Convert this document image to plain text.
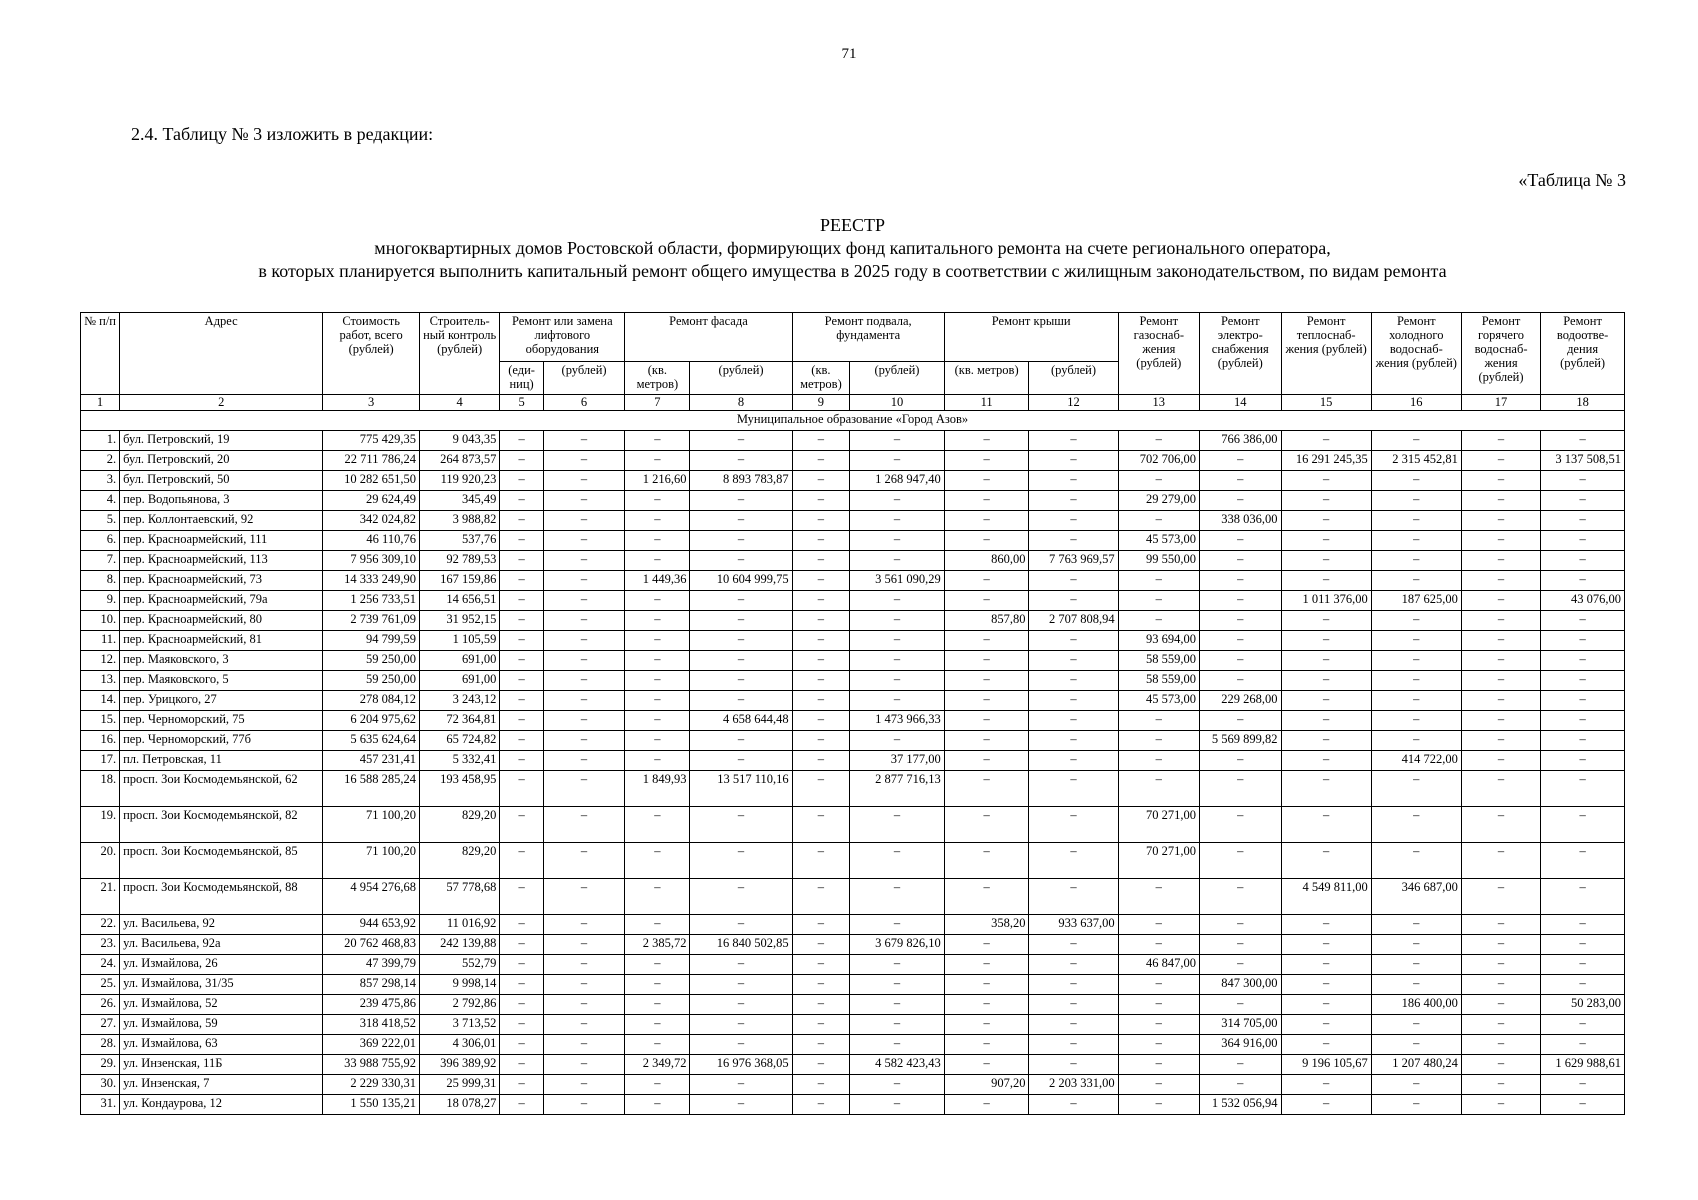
71
2.4. Таблицу № 3 изложить в редакции:
«Таблица № 3
РЕЕСТР
многоквартирных домов Ростовской области, формирующих фонд капитального ремонта на счете регионального оператора,
в которых планируется выполнить капитальный ремонт общего имущества в 2025 году в соответствии с жилищным законодательством, по видам ремонта
№ п/п	Адрес	Стоимость работ, всего (рублей)	Строитель-ный контроль (рублей)	Ремонт или замена лифтового оборудования		Ремонт фасада		Ремонт подвала, фундамента		Ремонт крыши		Ремонт газоснаб-жения (рублей)	Ремонт электро-снабжения (рублей)	Ремонт теплоснаб-жения (рублей)	Ремонт холодного водоснаб-жения (рублей)	Ремонт горячего водоснаб-жения (рублей)	Ремонт водоотве-дения (рублей)
				(еди-ниц)	(рублей)	(кв. метров)	(рублей)	(кв. метров)	(рублей)	(кв. метров)	(рублей)						
1	2	3	4	5	6	7	8	9	10	11	12	13	14	15	16	17	18
Муниципальное образование «Город Азов»																	
1.	бул. Петровский, 19	775 429,35	9 043,35	–	–	–	–	–	–	–	–	–	766 386,00	–	–	–	–
2.	бул. Петровский, 20	22 711 786,24	264 873,57	–	–	–	–	–	–	–	–	702 706,00	–	16 291 245,35	2 315 452,81	–	3 137 508,51
3.	бул. Петровский, 50	10 282 651,50	119 920,23	–	–	1 216,60	8 893 783,87	–	1 268 947,40	–	–	–	–	–	–	–	–
4.	пер. Водопьянова, 3	29 624,49	345,49	–	–	–	–	–	–	–	–	29 279,00	–	–	–	–	–
5.	пер. Коллонтаевский, 92	342 024,82	3 988,82	–	–	–	–	–	–	–	–	–	338 036,00	–	–	–	–
6.	пер. Красноармейский, 111	46 110,76	537,76	–	–	–	–	–	–	–	–	45 573,00	–	–	–	–	–
7.	пер. Красноармейский, 113	7 956 309,10	92 789,53	–	–	–	–	–	–	860,00	7 763 969,57	99 550,00	–	–	–	–	–
8.	пер. Красноармейский, 73	14 333 249,90	167 159,86	–	–	1 449,36	10 604 999,75	–	3 561 090,29	–	–	–	–	–	–	–	–
9.	пер. Красноармейский, 79а	1 256 733,51	14 656,51	–	–	–	–	–	–	–	–	–	–	1 011 376,00	187 625,00	–	43 076,00
10.	пер. Красноармейский, 80	2 739 761,09	31 952,15	–	–	–	–	–	–	857,80	2 707 808,94	–	–	–	–	–	–
11.	пер. Красноармейский, 81	94 799,59	1 105,59	–	–	–	–	–	–	–	–	93 694,00	–	–	–	–	–
12.	пер. Маяковского, 3	59 250,00	691,00	–	–	–	–	–	–	–	–	58 559,00	–	–	–	–	–
13.	пер. Маяковского, 5	59 250,00	691,00	–	–	–	–	–	–	–	–	58 559,00	–	–	–	–	–
14.	пер. Урицкого, 27	278 084,12	3 243,12	–	–	–	–	–	–	–	–	45 573,00	229 268,00	–	–	–	–
15.	пер. Черноморский, 75	6 204 975,62	72 364,81	–	–	–	4 658 644,48	–	1 473 966,33	–	–	–	–	–	–	–	–
16.	пер. Черноморский, 77б	5 635 624,64	65 724,82	–	–	–	–	–	–	–	–	–	5 569 899,82	–	–	–	–
17.	пл. Петровская, 11	457 231,41	5 332,41	–	–	–	–	–	37 177,00	–	–	–	–	–	414 722,00	–	–
18.	просп. Зои Космодемьянской, 62	16 588 285,24	193 458,95	–	–	1 849,93	13 517 110,16	–	2 877 716,13	–	–	–	–	–	–	–	–
19.	просп. Зои Космодемьянской, 82	71 100,20	829,20	–	–	–	–	–	–	–	–	70 271,00	–	–	–	–	–
20.	просп. Зои Космодемьянской, 85	71 100,20	829,20	–	–	–	–	–	–	–	–	70 271,00	–	–	–	–	–
21.	просп. Зои Космодемьянской, 88	4 954 276,68	57 778,68	–	–	–	–	–	–	–	–	–	–	4 549 811,00	346 687,00	–	–
22.	ул. Васильева, 92	944 653,92	11 016,92	–	–	–	–	–	–	358,20	933 637,00	–	–	–	–	–	–
23.	ул. Васильева, 92а	20 762 468,83	242 139,88	–	–	2 385,72	16 840 502,85	–	3 679 826,10	–	–	–	–	–	–	–	–
24.	ул. Измайлова, 26	47 399,79	552,79	–	–	–	–	–	–	–	–	46 847,00	–	–	–	–	–
25.	ул. Измайлова, 31/35	857 298,14	9 998,14	–	–	–	–	–	–	–	–	–	847 300,00	–	–	–	–
26.	ул. Измайлова, 52	239 475,86	2 792,86	–	–	–	–	–	–	–	–	–	–	–	186 400,00	–	50 283,00
27.	ул. Измайлова, 59	318 418,52	3 713,52	–	–	–	–	–	–	–	–	–	314 705,00	–	–	–	–
28.	ул. Измайлова, 63	369 222,01	4 306,01	–	–	–	–	–	–	–	–	–	364 916,00	–	–	–	–
29.	ул. Инзенская, 11Б	33 988 755,92	396 389,92	–	–	2 349,72	16 976 368,05	–	4 582 423,43	–	–	–	–	9 196 105,67	1 207 480,24	–	1 629 988,61
30.	ул. Инзенская, 7	2 229 330,31	25 999,31	–	–	–	–	–	–	907,20	2 203 331,00	–	–	–	–	–	–
31.	ул. Кондаурова, 12	1 550 135,21	18 078,27	–	–	–	–	–	–	–	–	–	1 532 056,94	–	–	–	–
